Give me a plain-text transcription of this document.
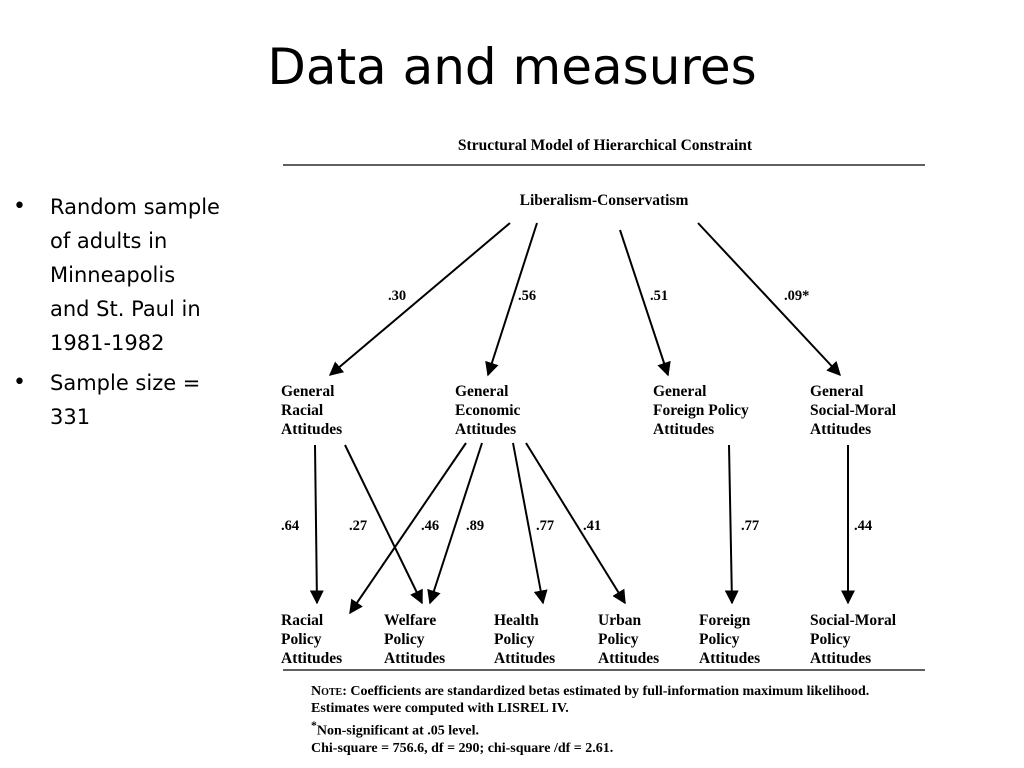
Data and measures
• Random sample of adults in Minneapolis and St. Paul in 1981-1982
• Sample size = 331
Structural Model of Hierarchical Constraint
Liberalism-Conservatism
.30	.56	.51	.09*
General Racial Attitudes
General Economic Attitudes
General Foreign Policy Attitudes
General Social-Moral Attitudes
.64	.27	.46 .89	.77 .41	.77	.44
Racial Policy Attitudes
Welfare Policy Attitudes
Health Policy Attitudes
Urban Policy Attitudes
Foreign Policy Attitudes
Social-Moral Policy Attitudes
Note: Coefficients are standardized betas estimated by full-information maximum likelihood. Estimates were computed with LISREL IV.
*Non-significant at .05 level.
Chi-square = 756.6, df = 290; chi-square /df = 2.61.
